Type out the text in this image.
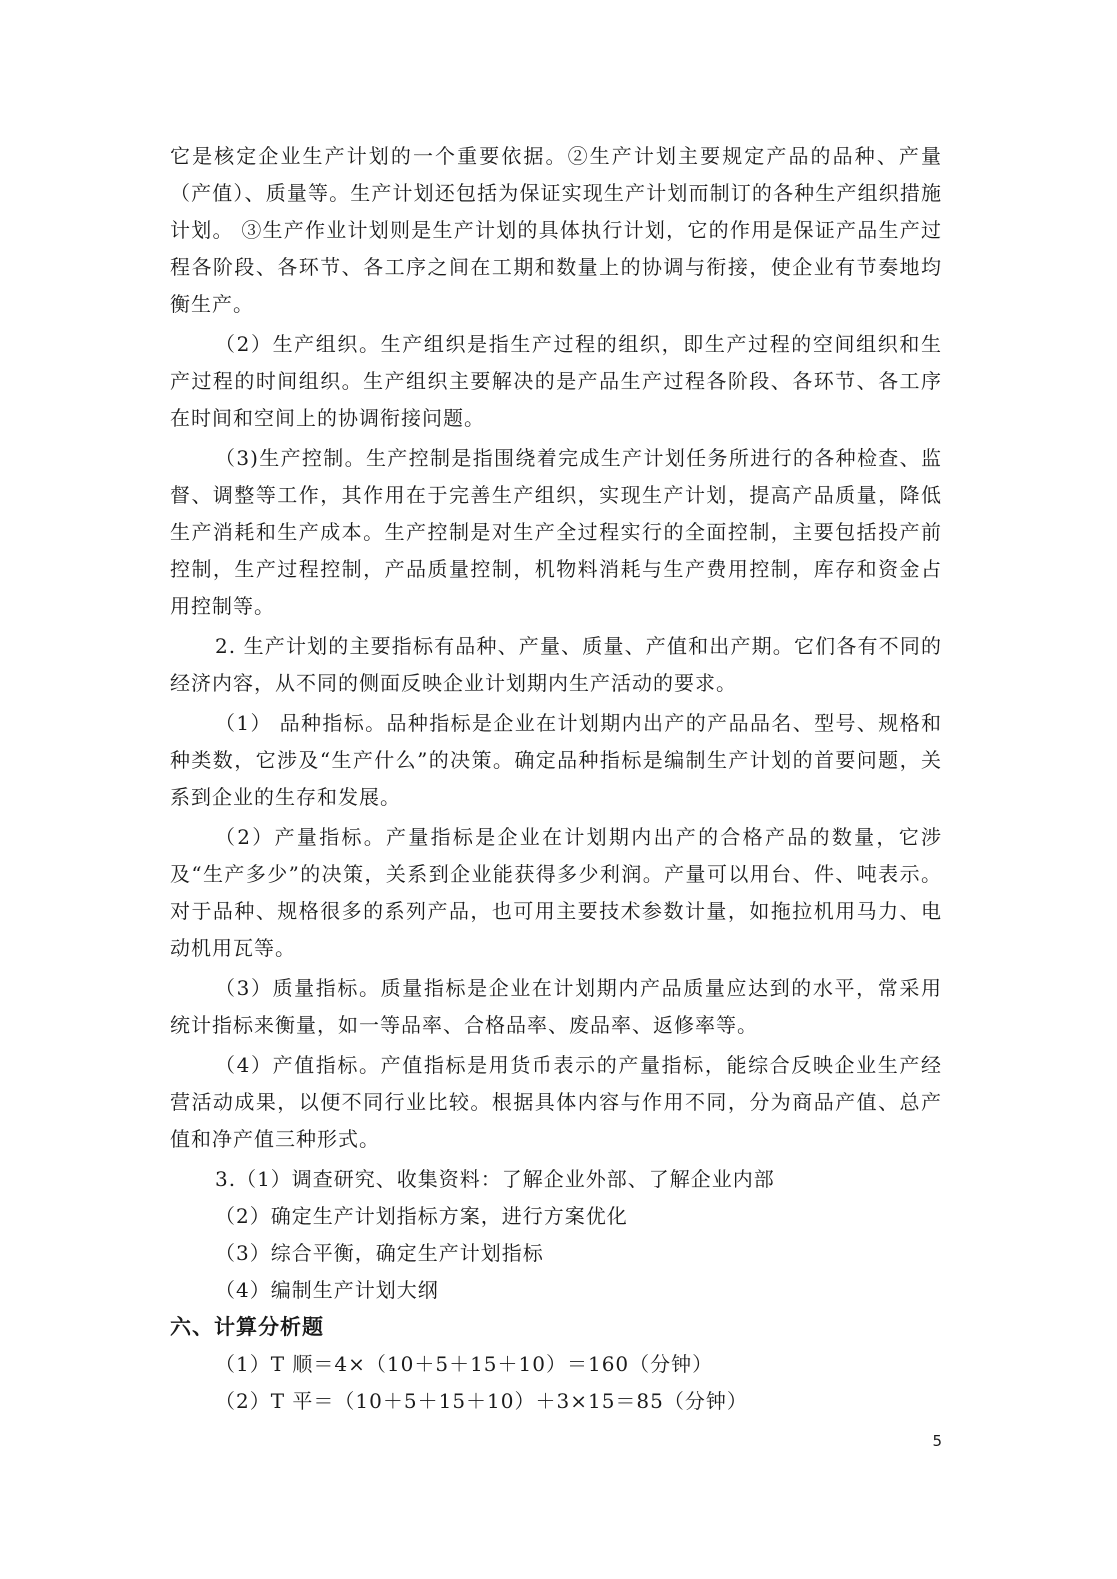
它是核定企业生产计划的一个重要依据。②生产计划主要规定产品的品种、产量（产值）、质量等。生产计划还包括为保证实现生产计划而制订的各种生产组织措施计划。 ③生产作业计划则是生产计划的具体执行计划，它的作用是保证产品生产过程各阶段、各环节、各工序之间在工期和数量上的协调与衔接，使企业有节奏地均衡生产。

（2）生产组织。生产组织是指生产过程的组织，即生产过程的空间组织和生产过程的时间组织。生产组织主要解决的是产品生产过程各阶段、各环节、各工序在时间和空间上的协调衔接问题。

（3)生产控制。生产控制是指围绕着完成生产计划任务所进行的各种检查、监督、调整等工作，其作用在于完善生产组织，实现生产计划，提高产品质量，降低生产消耗和生产成本。生产控制是对生产全过程实行的全面控制，主要包括投产前控制，生产过程控制，产品质量控制，机物料消耗与生产费用控制，库存和资金占用控制等。

2. 生产计划的主要指标有品种、产量、质量、产值和出产期。它们各有不同的经济内容，从不同的侧面反映企业计划期内生产活动的要求。

（1） 品种指标。品种指标是企业在计划期内出产的产品品名、型号、规格和种类数，它涉及“生产什么”的决策。确定品种指标是编制生产计划的首要问题，关系到企业的生存和发展。

（2）产量指标。产量指标是企业在计划期内出产的合格产品的数量，它涉及“生产多少”的决策，关系到企业能获得多少利润。产量可以用台、件、吨表示。对于品种、规格很多的系列产品，也可用主要技术参数计量，如拖拉机用马力、电动机用瓦等。

（3）质量指标。质量指标是企业在计划期内产品质量应达到的水平，常采用统计指标来衡量，如一等品率、合格品率、废品率、返修率等。

（4）产值指标。产值指标是用货币表示的产量指标，能综合反映企业生产经营活动成果，以便不同行业比较。根据具体内容与作用不同，分为商品产值、总产值和净产值三种形式。

3.（1）调查研究、收集资料：了解企业外部、了解企业内部

（2）确定生产计划指标方案，进行方案优化

（3）综合平衡，确定生产计划指标

（4）编制生产计划大纲

六、计算分析题

（1）T 顺＝4×（10＋5＋15＋10）＝160（分钟）

（2）T 平＝（10＋5＋15＋10）＋3×15＝85（分钟）

5
